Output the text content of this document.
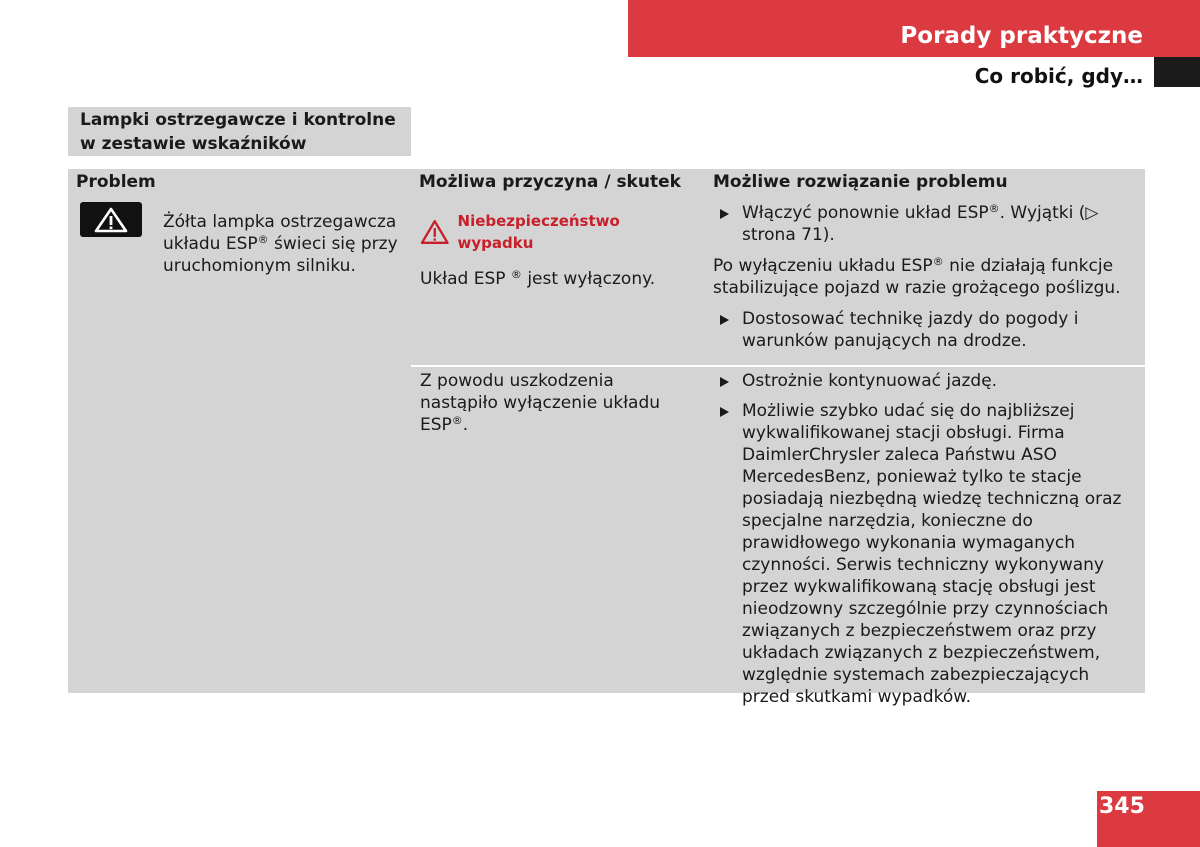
Porady praktyczne
Co robić, gdy…
Lampki ostrzegawcze i kontrolne w zestawie wskaźników
Problem	Możliwa przyczyna / skutek	Możliwe rozwiązanie problemu
Żółta lampka ostrzegawcza układu ESP® świeci się przy uruchomionym silniku.
Niebezpieczeństwo wypadku
Układ ESP ® jest wyłączony.
Włączyć ponownie układ ESP®. Wyjątki (▷ strona 71).
Po wyłączeniu układu ESP® nie działają funkcje stabilizujące pojazd w razie grożącego poślizgu.
Dostosować technikę jazdy do pogody i warunków panujących na drodze.
Z powodu uszkodzenia nastąpiło wyłączenie układu ESP®.
Ostrożnie kontynuować jazdę.
Możliwie szybko udać się do najbliższej wykwalifikowanej stacji obsługi. Firma DaimlerChrysler zaleca Państwu ASO MercedesBenz, ponieważ tylko te stacje posiadają niezbędną wiedzę techniczną oraz specjalne narzędzia, konieczne do prawidłowego wykonania wymaganych czynności. Serwis techniczny wykonywany przez wykwalifikowaną stację obsługi jest nieodzowny szczególnie przy czynnościach związanych z bezpieczeństwem oraz przy układach związanych z bezpieczeństwem, względnie systemach zabezpieczających przed skutkami wypadków.
345
